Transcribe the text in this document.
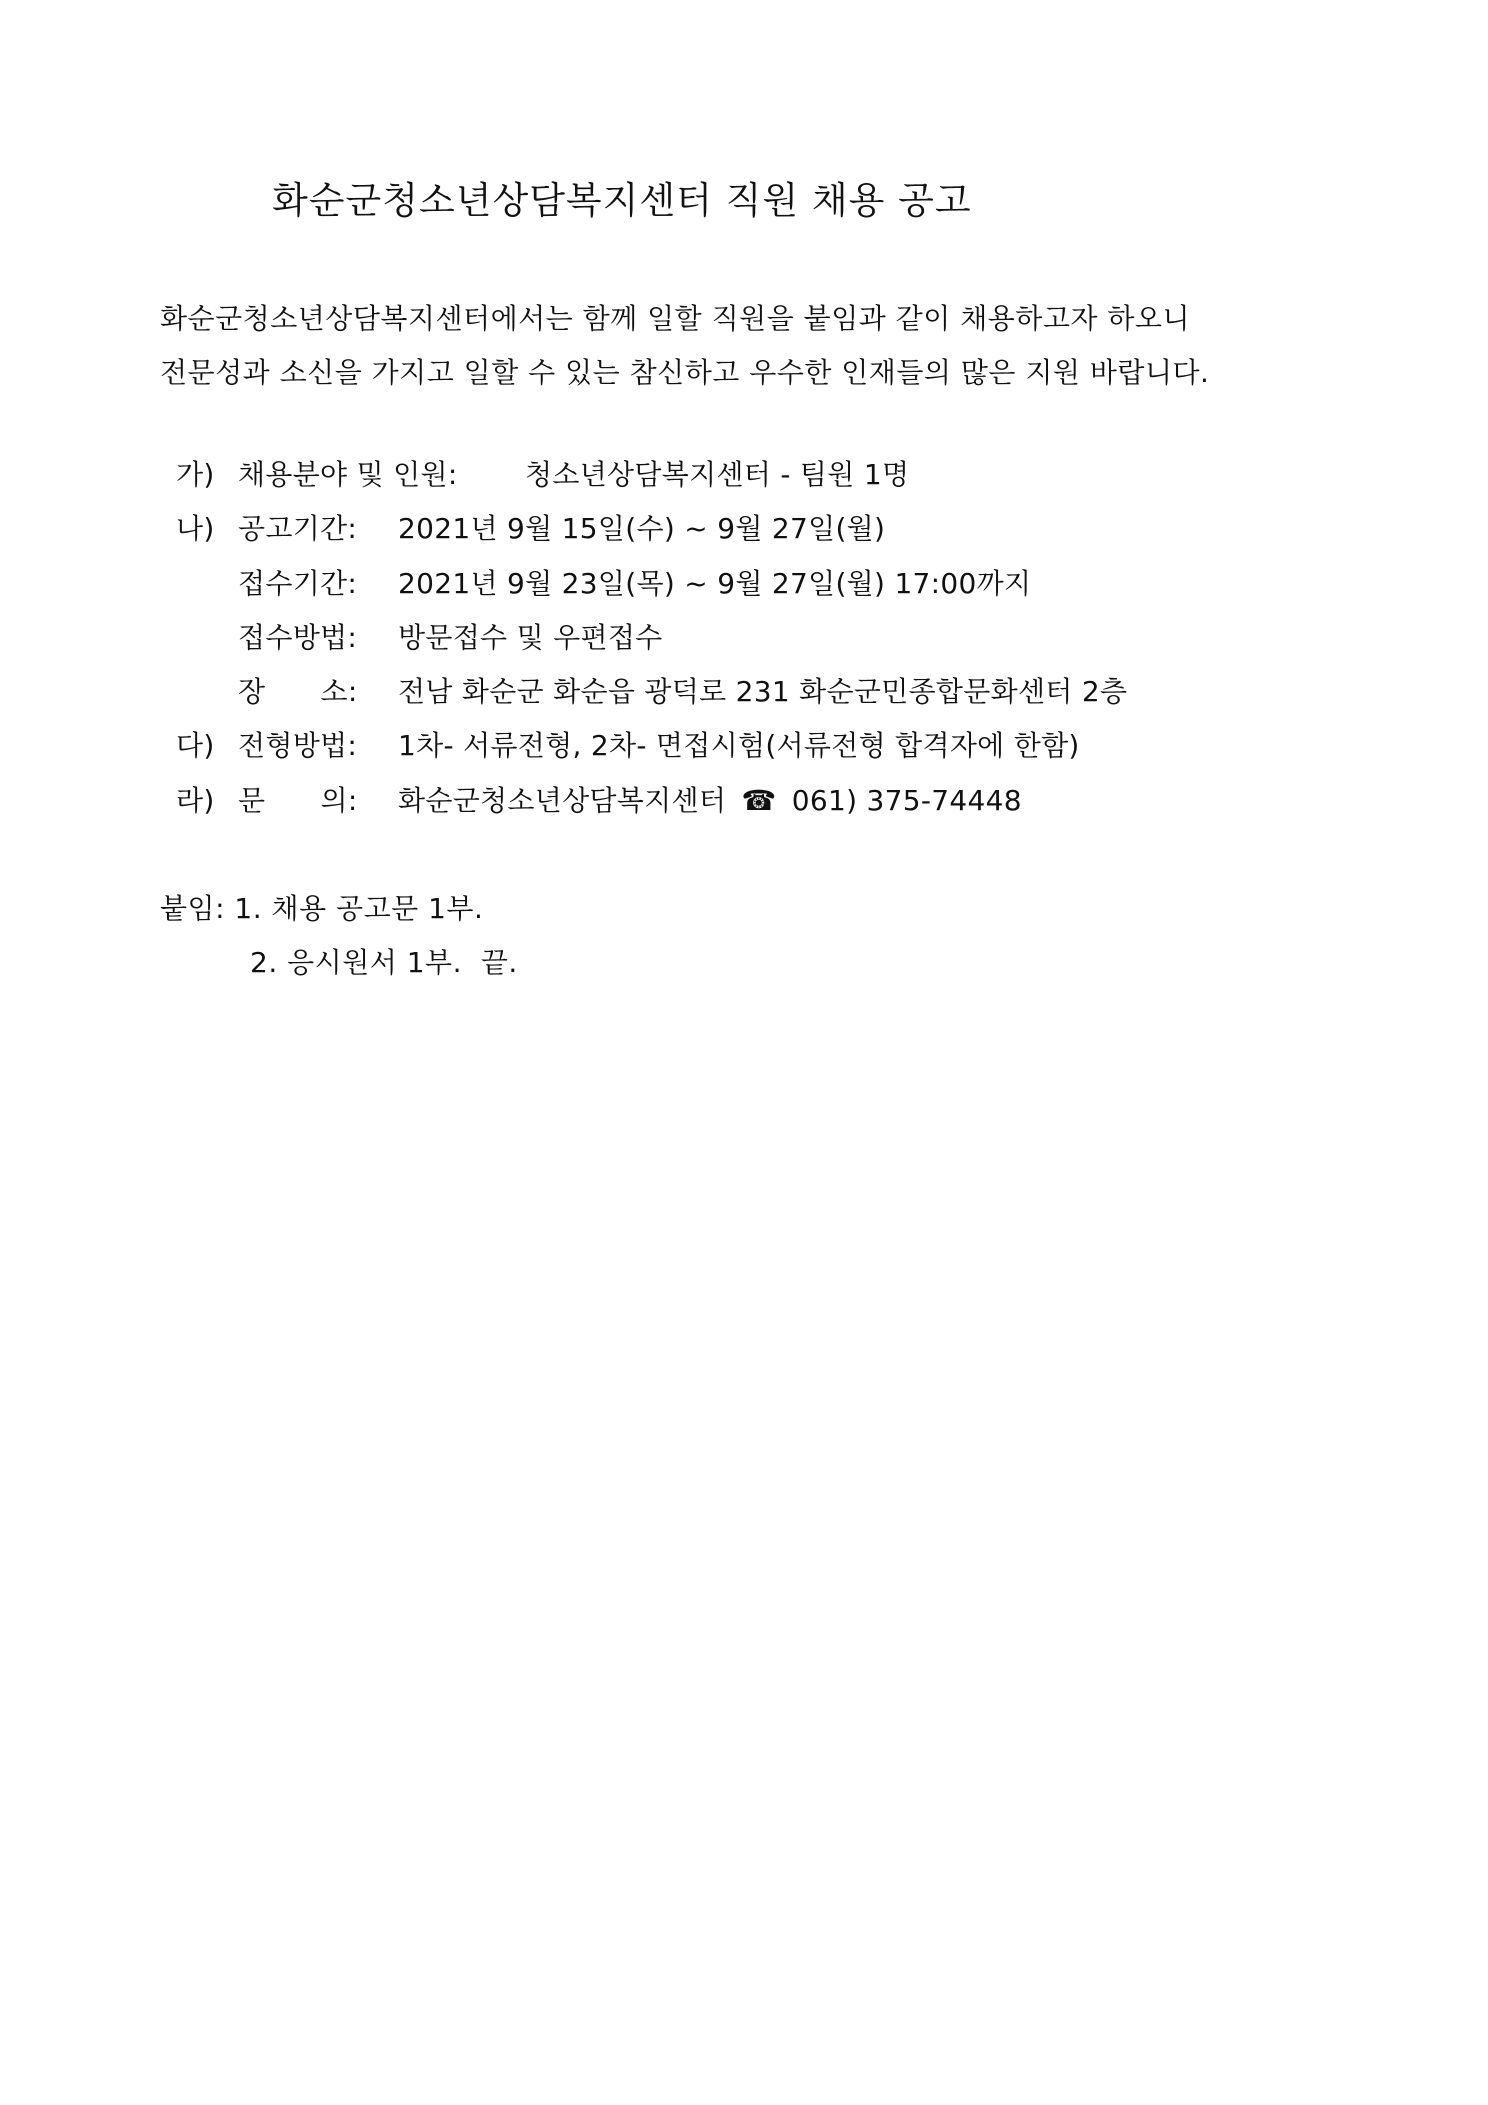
화순군청소년상담복지센터 직원 채용 공고
화순군청소년상담복지센터에서는 함께 일할 직원을 붙임과 같이 채용하고자 하오니
전문성과 소신을 가지고 일할 수 있는 참신하고 우수한 인재들의 많은 지원 바랍니다.
가) 채용분야 및 인원: 청소년상담복지센터 - 팀원 1명
나) 공고기간: 2021년 9월 15일(수) ~ 9월 27일(월)
접수기간: 2021년 9월 23일(목) ~ 9월 27일(월) 17:00까지
접수방법: 방문접수 및 우편접수
장      소: 전남 화순군 화순읍 광덕로 231 화순군민종합문화센터 2층
다) 전형방법: 1차- 서류전형, 2차- 면접시험(서류전형 합격자에 한함)
라) 문      의: 화순군청소년상담복지센터 ☎ 061) 375-74448
붙임: 1. 채용 공고문 1부.
2. 응시원서 1부.  끝.
